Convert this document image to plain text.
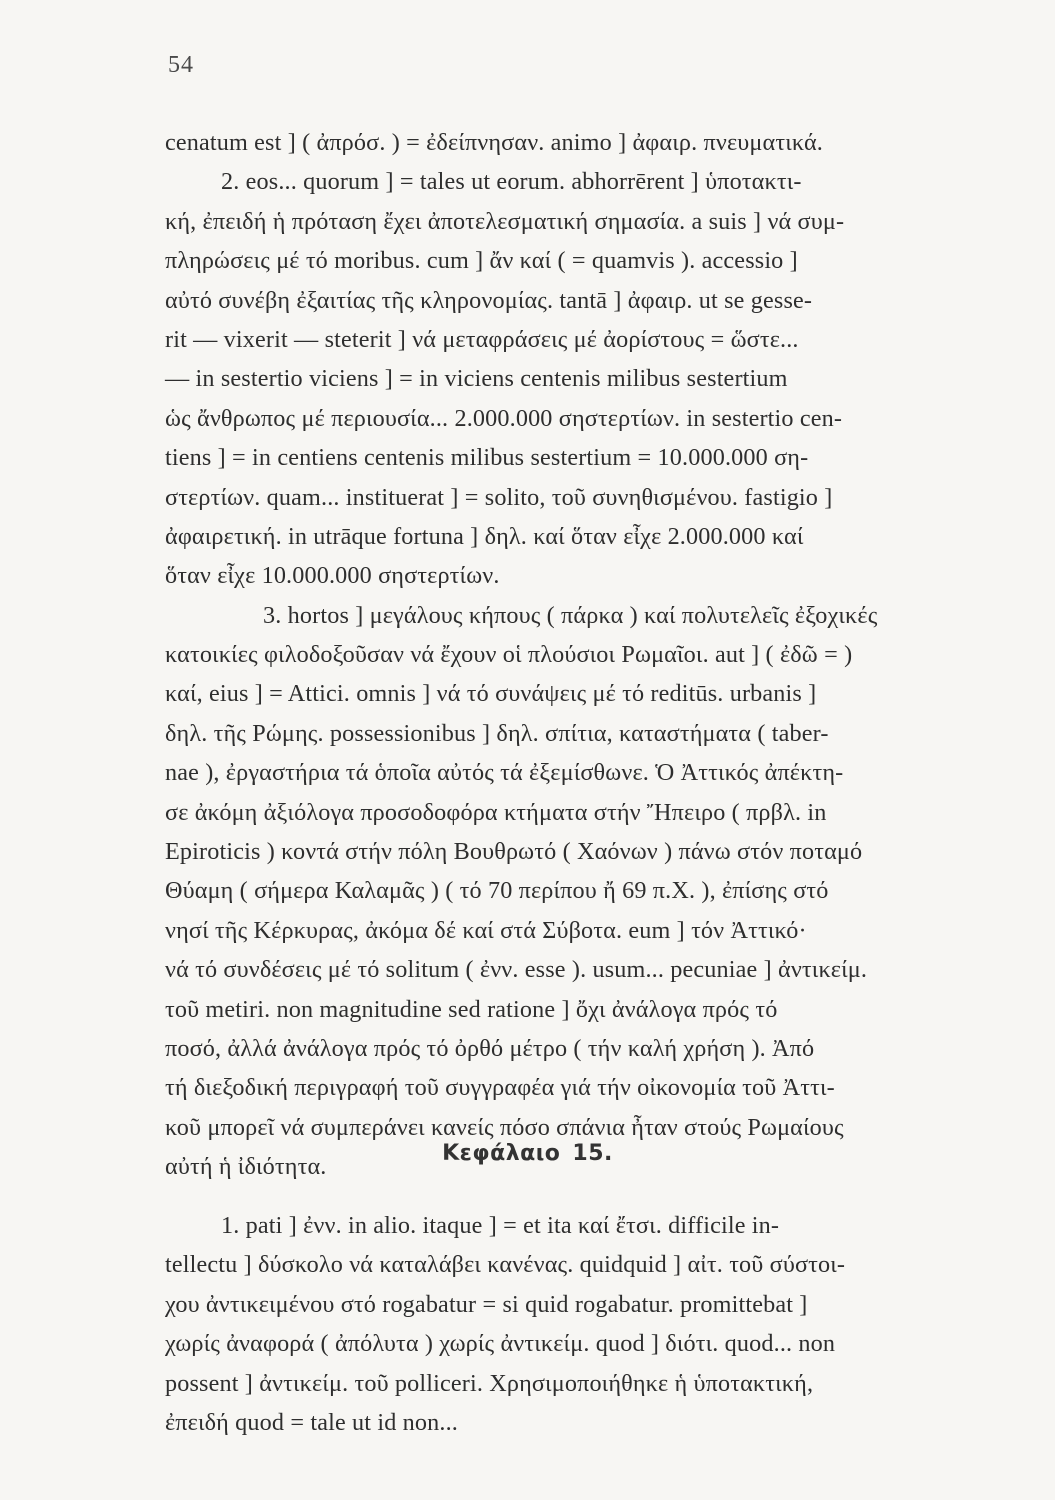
54
cenatum est ] ( ἀπρόσ. ) = ἐδείπνησαν. animo ] ἀφαιρ. πνευματικά.
2. eos... quorum ] = tales ut eorum. abhorrērent ] ὑποτακτι-
κή, ἐπειδή ἡ πρόταση ἔχει ἀποτελεσματική σημασία. a suis ] νά συμ-
πληρώσεις μέ τό moribus. cum ] ἄν καί ( = quamvis ). accessio ]
αὐτό συνέβη ἐξαιτίας τῆς κληρονομίας. tantā ] ἀφαιρ. ut se gesse-
rit — vixerit — steterit ] νά μεταφράσεις μέ ἀορίστους = ὥστε...
— in sestertio viciens ] = in viciens centenis milibus sestertium
ὡς ἄνθρωπος μέ περιουσία... 2.000.000 σηστερτίων. in sestertio cen-
tiens ] = in centiens centenis milibus sestertium = 10.000.000 ση-
στερτίων. quam... instituerat ] = solito, τοῦ συνηθισμένου. fastigio ]
ἀφαιρετική. in utrāque fortuna ] δηλ. καί ὅταν εἶχε 2.000.000 καί
ὅταν εἶχε 10.000.000 σηστερτίων.
3. hortos ] μεγάλους κήπους ( πάρκα ) καί πολυτελεῖς ἐξοχικές
κατοικίες φιλοδοξοῦσαν νά ἔχουν οἱ πλούσιοι Ρωμαῖοι. aut ] ( ἐδῶ = )
καί, eius ] = Attici. omnis ] νά τό συνάψεις μέ τό reditūs. urbanis ]
δηλ. τῆς Ρώμης. possessionibus ] δηλ. σπίτια, καταστήματα ( taber-
nae ), ἐργαστήρια τά ὁποῖα αὐτός τά ἐξεμίσθωνε. Ὁ Ἀττικός ἀπέκτη-
σε ἀκόμη ἀξιόλογα προσοδοφόρα κτήματα στήν Ἤπειρο ( πρβλ. in
Epiroticis ) κοντά στήν πόλη Βουθρωτό ( Χαόνων ) πάνω στόν ποταμό
Θύαμη ( σήμερα Καλαμᾶς ) ( τό 70 περίπου ἤ 69 π.Χ. ), ἐπίσης στό
νησί τῆς Κέρκυρας, ἀκόμα δέ καί στά Σύβοτα. eum ] τόν Ἀττικό·
νά τό συνδέσεις μέ τό solitum ( ἐνν. esse ). usum... pecuniae ] ἀντικείμ.
τοῦ metiri. non magnitudine sed ratione ] ὄχι ἀνάλογα πρός τό
ποσό, ἀλλά ἀνάλογα πρός τό ὀρθό μέτρο ( τήν καλή χρήση ). Ἀπό
τή διεξοδική περιγραφή τοῦ συγγραφέα γιά τήν οἰκονομία τοῦ Ἀττι-
κοῦ μπορεῖ νά συμπεράνει κανείς πόσο σπάνια ἦταν στούς Ρωμαίους
αὐτή ἡ ἰδιότητα.	Κεφάλαιο 15.
1. pati ] ἐνν. in alio. itaque ] = et ita καί ἔτσι. difficile in-
tellectu ] δύσκολο νά καταλάβει κανένας. quidquid ] αἰτ. τοῦ σύστοι-
χου ἀντικειμένου στό rogabatur = si quid rogabatur. promittebat ]
χωρίς ἀναφορά ( ἀπόλυτα ) χωρίς ἀντικείμ. quod ] διότι. quod... non
possent ] ἀντικείμ. τοῦ polliceri. Χρησιμοποιήθηκε ἡ ὑποτακτική,
ἐπειδή quod = tale ut id non...
